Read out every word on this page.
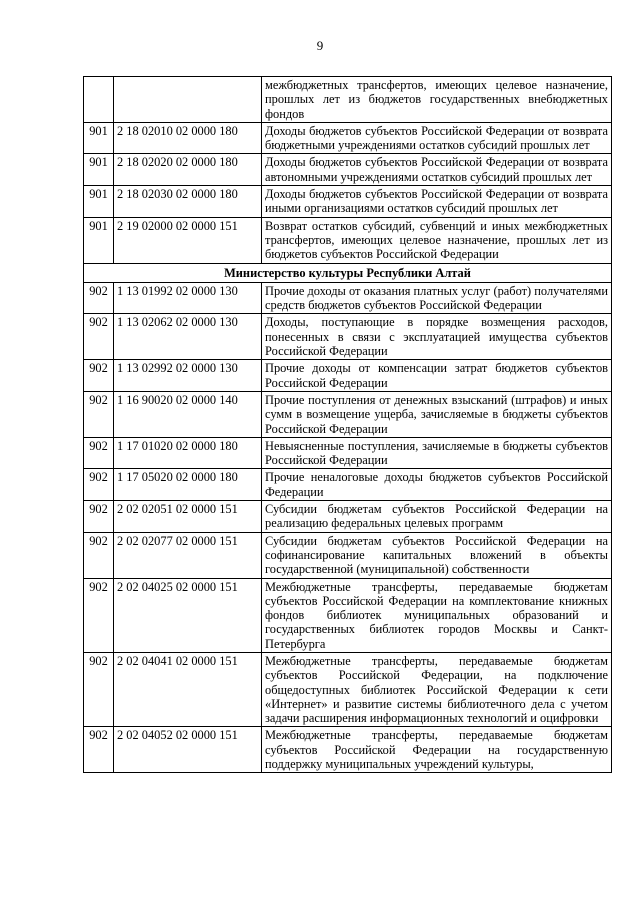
9
		межбюджетных трансфертов, имеющих целевое назначение, прошлых лет из бюджетов государственных внебюджетных фондов
901	2 18 02010 02 0000 180	Доходы бюджетов субъектов Российской Федерации от возврата бюджетными учреждениями остатков субсидий прошлых лет
901	2 18 02020 02 0000 180	Доходы бюджетов субъектов Российской Федерации от возврата автономными учреждениями остатков субсидий прошлых лет
901	2 18 02030 02 0000 180	Доходы бюджетов субъектов Российской Федерации от возврата иными организациями остатков субсидий прошлых лет
901	2 19 02000 02 0000 151	Возврат остатков субсидий, субвенций и иных межбюджетных трансфертов, имеющих целевое назначение, прошлых лет из бюджетов субъектов Российской Федерации
Министерство культуры Республики Алтай		
902	1 13 01992 02 0000 130	Прочие доходы от оказания платных услуг (работ) получателями средств бюджетов субъектов Российской Федерации
902	1 13 02062 02 0000 130	Доходы, поступающие в порядке возмещения расходов, понесенных в связи с эксплуатацией имущества субъектов Российской Федерации
902	1 13 02992 02 0000 130	Прочие доходы от компенсации затрат бюджетов субъектов Российской Федерации
902	1 16 90020 02 0000 140	Прочие поступления от денежных взысканий (штрафов) и иных сумм в возмещение ущерба, зачисляемые в бюджеты субъектов Российской Федерации
902	1 17 01020 02 0000 180	Невыясненные поступления, зачисляемые в бюджеты субъектов Российской Федерации
902	1 17 05020 02 0000 180	Прочие неналоговые доходы бюджетов субъектов Российской Федерации
902	2 02 02051 02 0000 151	Субсидии бюджетам субъектов Российской Федерации на реализацию федеральных целевых программ
902	2 02 02077 02 0000 151	Субсидии бюджетам субъектов Российской Федерации на софинансирование капитальных вложений в объекты государственной (муниципальной) собственности
902	2 02 04025 02 0000 151	Межбюджетные трансферты, передаваемые бюджетам субъектов Российской Федерации на комплектование книжных фондов библиотек муниципальных образований и государственных библиотек городов Москвы и Санкт-Петербурга
902	2 02 04041 02 0000 151	Межбюджетные трансферты, передаваемые бюджетам субъектов Российской Федерации, на подключение общедоступных библиотек Российской Федерации к сети «Интернет» и развитие системы библиотечного дела с учетом задачи расширения информационных технологий и оцифровки
902	2 02 04052 02 0000 151	Межбюджетные трансферты, передаваемые бюджетам субъектов Российской Федерации на государственную поддержку муниципальных учреждений культуры,
